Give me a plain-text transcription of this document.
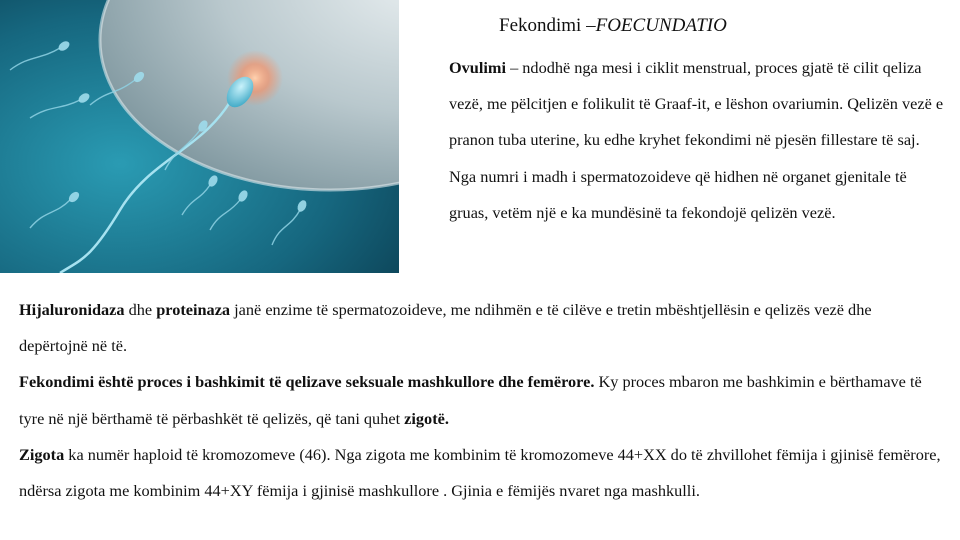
Fekondimi –FOECUNDATIO

Ovulimi – ndodhë nga mesi i ciklit menstrual, proces gjatë të cilit qeliza vezë, me pëlcitjen e folikulit të Graaf-it, e lëshon ovariumin. Qelizën vezë e pranon tuba uterine, ku edhe kryhet fekondimi në pjesën fillestare të saj. Nga numri i madh i spermatozoideve që hidhen në organet gjenitale të gruas, vetëm një e ka mundësinë ta fekondojë qelizën vezë.

Hijaluronidaza dhe proteinaza janë enzime të spermatozoideve, me ndihmën e të cilëve e tretin mbështjellësin e qelizës vezë dhe depërtojnë në të.

Fekondimi është proces i bashkimit të qelizave seksuale mashkullore dhe femërore. Ky proces mbaron me bashkimin e bërthamave të tyre në një bërthamë të përbashkët të qelizës, që tani quhet zigotë.

Zigota ka numër haploid të kromozomeve (46). Nga zigota me kombinim të kromozomeve 44+XX do të zhvillohet fëmija i gjinisë femërore, ndërsa zigota me kombinim 44+XY fëmija i gjinisë mashkullore . Gjinia e fëmijës nvaret nga mashkulli.
